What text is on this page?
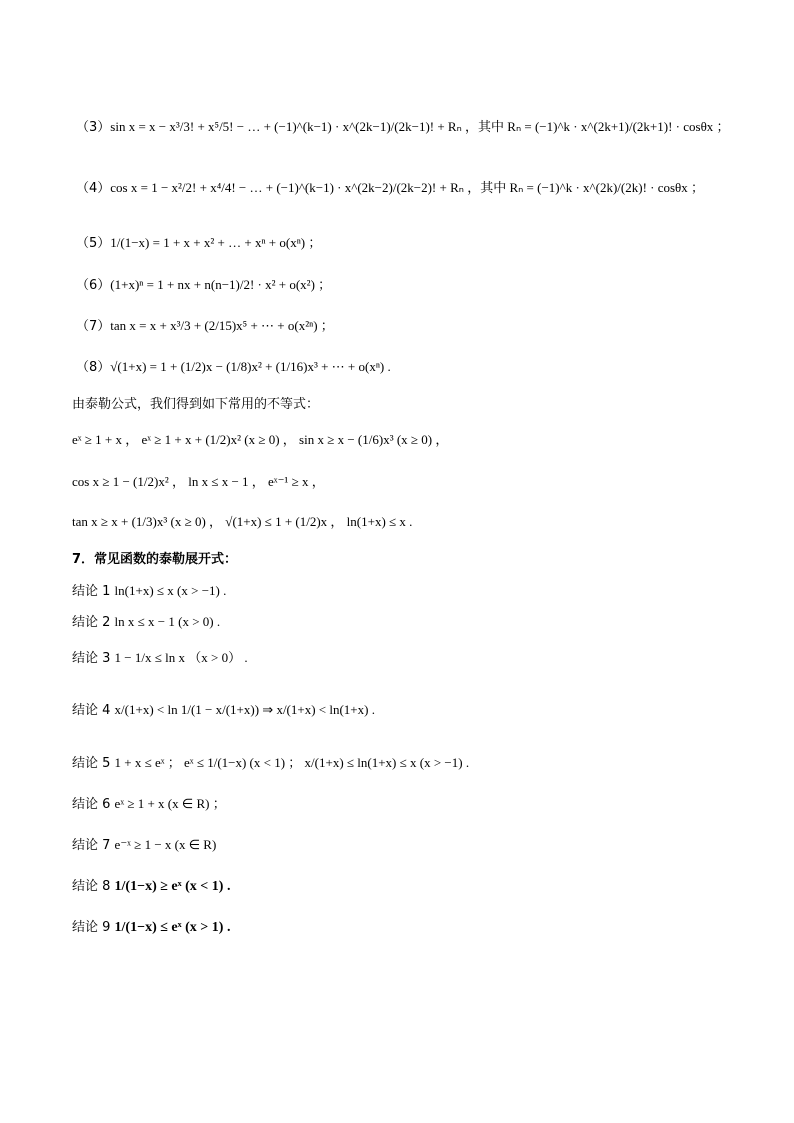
（3）sin x = x − x³/3! + x⁵/5! − … + (−1)^(k−1) · x^(2k−1)/(2k−1)! + Rₙ ，其中 Rₙ = (−1)^k · x^(2k+1)/(2k+1)! · cosθx ；
（4）cos x = 1 − x²/2! + x⁴/4! − … + (−1)^(k−1) · x^(2k−2)/(2k−2)! + Rₙ ，其中 Rₙ = (−1)^k · x^(2k)/(2k)! · cosθx ；
（5）1/(1−x) = 1 + x + x² + … + xⁿ + o(xⁿ) ；
（6）(1+x)ⁿ = 1 + nx + n(n−1)/2! · x² + o(x²) ；
（7）tan x = x + x³/3 + (2/15)x⁵ + ⋯ + o(x²ⁿ) ；
（8）√(1+x) = 1 + (1/2)x − (1/8)x² + (1/16)x³ + ⋯ + o(xⁿ) .
由泰勒公式，我们得到如下常用的不等式：
eˣ ≥ 1 + x ， eˣ ≥ 1 + x + (1/2)x² (x ≥ 0) ， sin x ≥ x − (1/6)x³ (x ≥ 0) ，
cos x ≥ 1 − (1/2)x² ， ln x ≤ x − 1 ， eˣ⁻¹ ≥ x ，
tan x ≥ x + (1/3)x³ (x ≥ 0) ， √(1+x) ≤ 1 + (1/2)x ， ln(1+x) ≤ x .
7．常见函数的泰勒展开式：
结论 1 ln(1+x) ≤ x (x > −1) .
结论 2 ln x ≤ x − 1 (x > 0) .
结论 3 1 − 1/x ≤ ln x （x > 0） .
结论 4 x/(1+x) < ln 1/(1 − x/(1+x)) ⇒ x/(1+x) < ln(1+x) .
结论 5 1 + x ≤ eˣ ； eˣ ≤ 1/(1−x) (x < 1) ； x/(1+x) ≤ ln(1+x) ≤ x (x > −1) .
结论 6 eˣ ≥ 1 + x (x ∈ R) ；
结论 7 e⁻ˣ ≥ 1 − x (x ∈ R)
结论 8 1/(1−x) ≥ eˣ (x < 1) .
结论 9 1/(1−x) ≤ eˣ (x > 1) .
